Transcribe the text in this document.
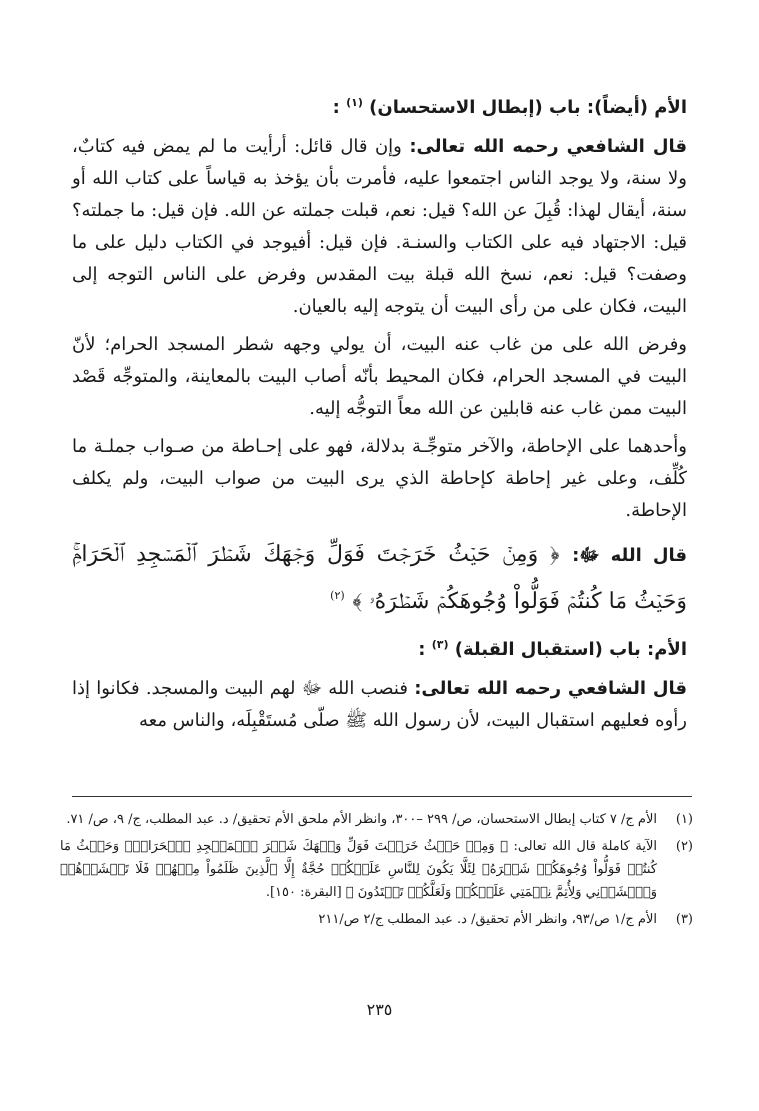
الأم (أيضاً): باب (إبطال الاستحسان) $^{(١)}$ :

قال الشافعي رحمه الله تعالى: وإن قال قائل: أرأيت ما لم يمض فيه كتابٌ، ولا سنة، ولا يوجد الناس اجتمعوا عليه، فأمرت بأن يؤخذ به قياساً على كتاب الله أو سنة، أيقال لهذا: قُبِلَ عن الله؟ قيل: نعم، قبلت جملته عن الله. فإن قيل: ما جملته؟ قيل: الاجتهاد فيه على الكتاب والسنـة. فإن قيل: أفيوجد في الكتاب دليل على ما وصفت؟ قيل: نعم، نسخ الله قبلة بيت المقدس وفرض على الناس التوجه إلى البيت، فكان على من رأى البيت أن يتوجه إليه بالعيان.

وفرض الله على من غاب عنه البيت، أن يولي وجهه شطر المسجد الحرام؛ لأنّ البيت في المسجد الحرام، فكان المحيط بأنّه أصاب البيت بالمعاينة، والمتوجِّه قَصْد البيت ممن غاب عنه قابلين عن الله معاً التوجُّه إليه.

وأحدهما على الإحاطة، والآخر متوجِّـة بدلالة، فهو على إحـاطة من صـواب جملـة ما كُلِّف، وعلى غير إحاطة كإحاطة الذي يرى البيت من صواب البيت، ولم يكلف الإحاطة.

قال الله ﷻ: ﴿ وَمِنۡ حَيۡثُ خَرَجۡتَ فَوَلِّ وَجۡهَكَ شَطۡرَ ٱلۡمَسۡجِدِ ٱلۡحَرَامِۚ وَحَيۡثُ مَا كُنتُمۡ فَوَلُّواْ وُجُوهَكُمۡ شَطۡرَهُۥ ﴾ $^{(٢)}$

الأم: باب (استقبال القبلة) $^{(٣)}$ :

قال الشافعي رحمه الله تعالى: فنصب الله ﷻ لهم البيت والمسجد. فكانوا إذا رأوه فعليهم استقبال البيت، لأن رسول الله ﷺ صلّى مُستَقْبِلَه، والناس معه

(١)
الأم ج/ ٧ كتاب إبطال الاستحسان، ص/ ٢٩٩ –٣٠٠، وانظر الأم ملحق الأم تحقيق/ د. عبد المطلب، ج/ ٩، ص/ ٧١.
(٢)
الآية كاملة قال الله تعالى: ﴿ وَمِنۡ حَيۡثُ خَرَجۡتَ فَوَلِّ وَجۡهَكَ شَطۡرَ ٱلۡمَسۡجِدِ ٱلۡحَرَامِۚ وَحَيۡثُ مَا كُنتُمۡ فَوَلُّواْ وُجُوهَكُمۡ شَطۡرَهُۥ لِئَلَّا يَكُونَ لِلنَّاسِ عَلَيۡكُمۡ حُجَّةٌ إِلَّا ٱلَّذِينَ ظَلَمُواْ مِنۡهُمۡ فَلَا تَخۡشَوۡهُمۡ وَٱخۡشَوۡنِي وَلِأُتِمَّ نِعۡمَتِي عَلَيۡكُمۡ وَلَعَلَّكُمۡ تَهۡتَدُونَ ﴾ [البقرة: ١٥٠].
(٣)
الأم ج/١ ص/٩٣، وانظر الأم تحقيق/ د. عبد المطلب ج/٢ ص/٢١١
٢٣٥
